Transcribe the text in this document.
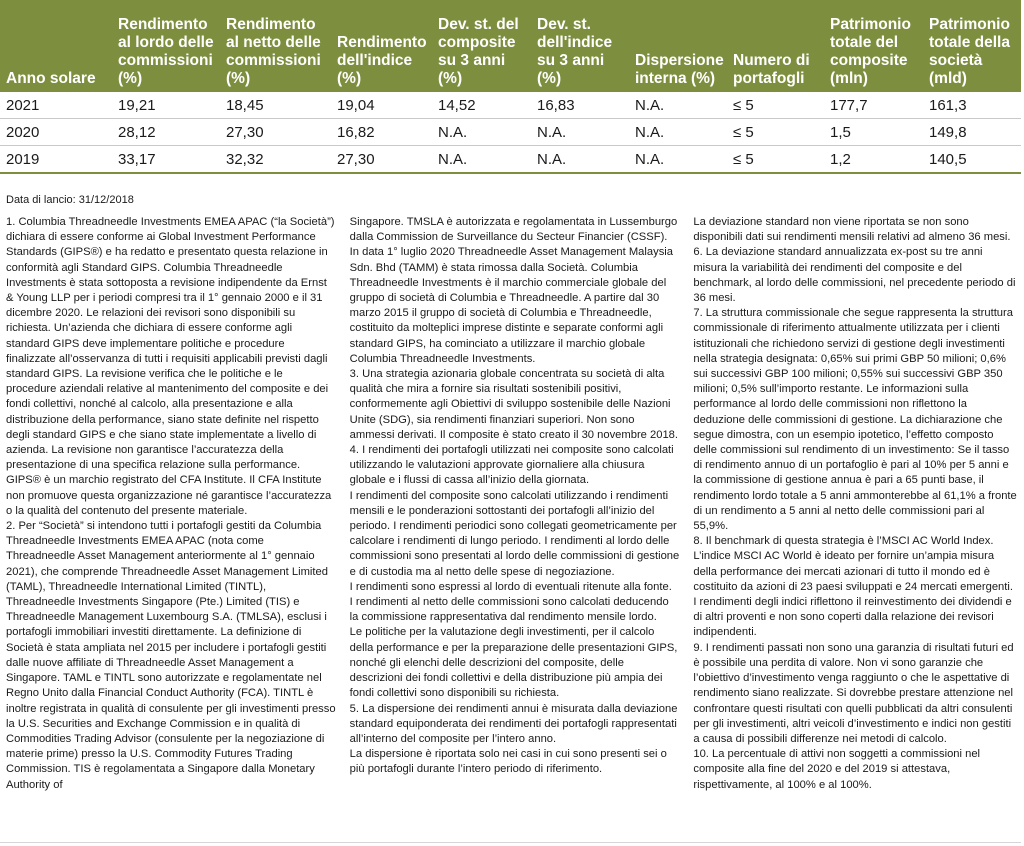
Anno solare	Rendimento al lordo delle commissioni (%)	Rendimento al netto delle commissioni (%)	Rendimento dell'indice (%)	Dev. st. del composite su 3 anni (%)	Dev. st. dell'indice su 3 anni (%)	Dispersione interna (%)	Numero di portafogli	Patrimonio totale del composite (mln)	Patrimonio totale della società (mld)
2021	19,21	18,45	19,04	14,52	16,83	N.A.	≤ 5	177,7	161,3
2020	28,12	27,30	16,82	N.A.	N.A.	N.A.	≤ 5	1,5	149,8
2019	33,17	32,32	27,30	N.A.	N.A.	N.A.	≤ 5	1,2	140,5
Data di lancio: 31/12/2018

1. Columbia Threadneedle Investments EMEA APAC (“la Società”) dichiara di essere conforme ai Global Investment Performance Standards (GIPS®) e ha redatto e presentato questa relazione in conformità agli Standard GIPS. Columbia Threadneedle Investments è stata sottoposta a revisione indipendente da Ernst & Young LLP per i periodi compresi tra il 1° gennaio 2000 e il 31 dicembre 2020. Le relazioni dei revisori sono disponibili su richiesta. Un’azienda che dichiara di essere conforme agli standard GIPS deve implementare politiche e procedure finalizzate all’osservanza di tutti i requisiti applicabili previsti dagli standard GIPS. La revisione verifica che le politiche e le procedure aziendali relative al mantenimento del composite e dei fondi collettivi, nonché al calcolo, alla presentazione e alla distribuzione della performance, siano state definite nel rispetto degli standard GIPS e che siano state implementate a livello di azienda. La revisione non garantisce l’accuratezza della presentazione di una specifica relazione sulla performance.

GIPS® è un marchio registrato del CFA Institute. Il CFA Institute non promuove questa organizzazione né garantisce l’accuratezza o la qualità del contenuto del presente materiale.

2. Per “Società” si intendono tutti i portafogli gestiti da Columbia Threadneedle Investments EMEA APAC (nota come Threadneedle Asset Management anteriormente al 1° gennaio 2021), che comprende Threadneedle Asset Management Limited (TAML), Threadneedle International Limited (TINTL), Threadneedle Investments Singapore (Pte.) Limited (TIS) e Threadneedle Management Luxembourg S.A. (TMLSA), esclusi i portafogli immobiliari investiti direttamente. La definizione di Società è stata ampliata nel 2015 per includere i portafogli gestiti dalle nuove affiliate di Threadneedle Asset Management a Singapore. TAML e TINTL sono autorizzate e regolamentate nel Regno Unito dalla Financial Conduct Authority (FCA). TINTL è inoltre registrata in qualità di consulente per gli investimenti presso la U.S. Securities and Exchange Commission e in qualità di Commodities Trading Advisor (consulente per la negoziazione di materie prime) presso la U.S. Commodity Futures Trading Commission. TIS è regolamentata a Singapore dalla Monetary Authority of

Singapore. TMSLA è autorizzata e regolamentata in Lussemburgo dalla Commission de Surveillance du Secteur Financier (CSSF). In data 1° luglio 2020 Threadneedle Asset Management Malaysia Sdn. Bhd (TAMM) è stata rimossa dalla Società. Columbia Threadneedle Investments è il marchio commerciale globale del gruppo di società di Columbia e Threadneedle. A partire dal 30 marzo 2015 il gruppo di società di Columbia e Threadneedle, costituito da molteplici imprese distinte e separate conformi agli standard GIPS, ha cominciato a utilizzare il marchio globale Columbia Threadneedle Investments.

3. Una strategia azionaria globale concentrata su società di alta qualità che mira a fornire sia risultati sostenibili positivi, conformemente agli Obiettivi di sviluppo sostenibile delle Nazioni Unite (SDG), sia rendimenti finanziari superiori. Non sono ammessi derivati. Il composite è stato creato il 30 novembre 2018.

4. I rendimenti dei portafogli utilizzati nei composite sono calcolati utilizzando le valutazioni approvate giornaliere alla chiusura globale e i flussi di cassa all’inizio della giornata.

I rendimenti del composite sono calcolati utilizzando i rendimenti mensili e le ponderazioni sottostanti dei portafogli all’inizio del periodo. I rendimenti periodici sono collegati geometricamente per calcolare i rendimenti di lungo periodo. I rendimenti al lordo delle commissioni sono presentati al lordo delle commissioni di gestione e di custodia ma al netto delle spese di negoziazione.

I rendimenti sono espressi al lordo di eventuali ritenute alla fonte.

I rendimenti al netto delle commissioni sono calcolati deducendo la commissione rappresentativa dal rendimento mensile lordo.

Le politiche per la valutazione degli investimenti, per il calcolo della performance e per la preparazione delle presentazioni GIPS, nonché gli elenchi delle descrizioni del composite, delle descrizioni dei fondi collettivi e della distribuzione più ampia dei fondi collettivi sono disponibili su richiesta.

5. La dispersione dei rendimenti annui è misurata dalla deviazione standard equiponderata dei rendimenti dei portafogli rappresentati all’interno del composite per l’intero anno.

La dispersione è riportata solo nei casi in cui sono presenti sei o più portafogli durante l’intero periodo di riferimento.

La deviazione standard non viene riportata se non sono disponibili dati sui rendimenti mensili relativi ad almeno 36 mesi.

6. La deviazione standard annualizzata ex-post su tre anni misura la variabilità dei rendimenti del composite e del benchmark, al lordo delle commissioni, nel precedente periodo di 36 mesi.

7. La struttura commissionale che segue rappresenta la struttura commissionale di riferimento attualmente utilizzata per i clienti istituzionali che richiedono servizi di gestione degli investimenti nella strategia designata: 0,65% sui primi GBP 50 milioni; 0,6% sui successivi GBP 100 milioni; 0,55% sui successivi GBP 350 milioni; 0,5% sull’importo restante. Le informazioni sulla performance al lordo delle commissioni non riflettono la deduzione delle commissioni di gestione. La dichiarazione che segue dimostra, con un esempio ipotetico, l’effetto composto delle commissioni sul rendimento di un investimento: Se il tasso di rendimento annuo di un portafoglio è pari al 10% per 5 anni e la commissione di gestione annua è pari a 65 punti base, il rendimento lordo totale a 5 anni ammonterebbe al 61,1% a fronte di un rendimento a 5 anni al netto delle commissioni pari al 55,9%.

8. Il benchmark di questa strategia è l’MSCI AC World Index. L’indice MSCI AC World è ideato per fornire un’ampia misura della performance dei mercati azionari di tutto il mondo ed è costituito da azioni di 23 paesi sviluppati e 24 mercati emergenti.

I rendimenti degli indici riflettono il reinvestimento dei dividendi e di altri proventi e non sono coperti dalla relazione dei revisori indipendenti.

9. I rendimenti passati non sono una garanzia di risultati futuri ed è possibile una perdita di valore. Non vi sono garanzie che l’obiettivo d’investimento venga raggiunto o che le aspettative di rendimento siano realizzate. Si dovrebbe prestare attenzione nel confrontare questi risultati con quelli pubblicati da altri consulenti per gli investimenti, altri veicoli d’investimento e indici non gestiti a causa di possibili differenze nei metodi di calcolo.

10. La percentuale di attivi non soggetti a commissioni nel composite alla fine del 2020 e del 2019 si attestava, rispettivamente, al 100% e al 100%.
